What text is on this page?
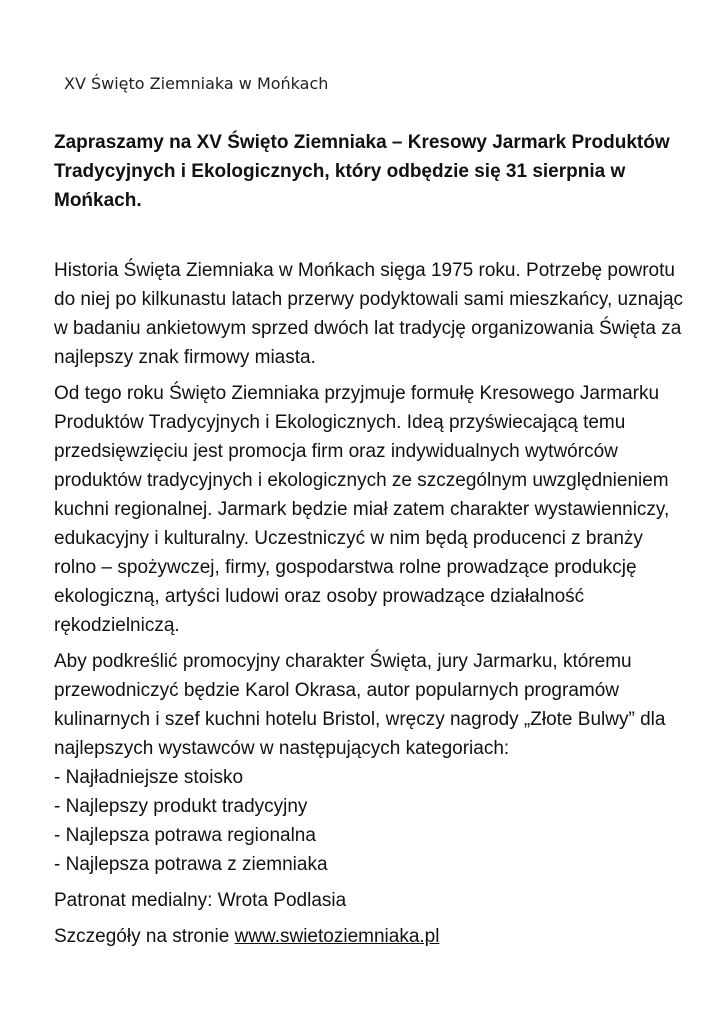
XV Święto Ziemniaka w Mońkach
Zapraszamy na XV Święto Ziemniaka – Kresowy Jarmark Produktów Tradycyjnych i Ekologicznych, który odbędzie się 31 sierpnia w Mońkach.

Historia Święta Ziemniaka w Mońkach sięga 1975 roku. Potrzebę powrotu do niej po kilkunastu latach przerwy podyktowali sami mieszkańcy, uznając w badaniu ankietowym sprzed dwóch lat tradycję organizowania Święta za najlepszy znak firmowy miasta.

Od tego roku Święto Ziemniaka przyjmuje formułę Kresowego Jarmarku Produktów Tradycyjnych i Ekologicznych. Ideą przyświecającą temu przedsięwzięciu jest promocja firm oraz indywidualnych wytwórców produktów tradycyjnych i ekologicznych ze szczególnym uwzględnieniem kuchni regionalnej. Jarmark będzie miał zatem charakter wystawienniczy, edukacyjny i kulturalny. Uczestniczyć w nim będą producenci z branży rolno – spożywczej, firmy, gospodarstwa rolne prowadzące produkcję ekologiczną, artyści ludowi oraz osoby prowadzące działalność rękodzielniczą.

Aby podkreślić promocyjny charakter Święta, jury Jarmarku, któremu przewodniczyć będzie Karol Okrasa, autor popularnych programów kulinarnych i szef kuchni hotelu Bristol, wręczy nagrody „Złote Bulwy” dla najlepszych wystawców w następujących kategoriach:

- Najładniejsze stoisko
- Najlepszy produkt tradycyjny
- Najlepsza potrawa regionalna
- Najlepsza potrawa z ziemniaka

Patronat medialny: Wrota Podlasia

Szczegóły na stronie www.swietoziemniaka.pl
